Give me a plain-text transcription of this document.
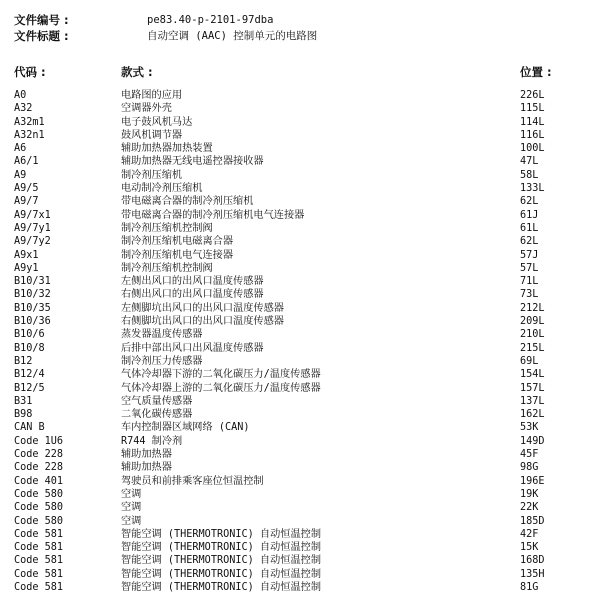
文件编号 :	pe83.40-p-2101-97dba
文件标题 :	自动空调 (AAC) 控制单元的电路图
代码 :	款式 :	位置 :
A0	电路图的应用	226L
A32	空调器外壳	115L
A32m1	电子鼓风机马达	114L
A32n1	鼓风机调节器	116L
A6	辅助加热器加热装置	100L
A6/1	辅助加热器无线电遥控器接收器	47L
A9	制冷剂压缩机	58L
A9/5	电动制冷剂压缩机	133L
A9/7	带电磁离合器的制冷剂压缩机	62L
A9/7x1	带电磁离合器的制冷剂压缩机电气连接器	61J
A9/7y1	制冷剂压缩机控制阀	61L
A9/7y2	制冷剂压缩机电磁离合器	62L
A9x1	制冷剂压缩机电气连接器	57J
A9y1	制冷剂压缩机控制阀	57L
B10/31	左侧出风口的出风口温度传感器	71L
B10/32	右侧出风口的出风口温度传感器	73L
B10/35	左侧脚坑出风口的出风口温度传感器	212L
B10/36	右侧脚坑出风口的出风口温度传感器	209L
B10/6	蒸发器温度传感器	210L
B10/8	后排中部出风口出风温度传感器	215L
B12	制冷剂压力传感器	69L
B12/4	气体冷却器下游的二氧化碳压力/温度传感器	154L
B12/5	气体冷却器上游的二氧化碳压力/温度传感器	157L
B31	空气质量传感器	137L
B98	二氧化碳传感器	162L
CAN B	车内控制器区域网络 (CAN)	53K
Code 1U6	R744 制冷剂	149D
Code 228	辅助加热器	45F
Code 228	辅助加热器	98G
Code 401	驾驶员和前排乘客座位恒温控制	196E
Code 580	空调	19K
Code 580	空调	22K
Code 580	空调	185D
Code 581	智能空调 (THERMOTRONIC) 自动恒温控制	42F
Code 581	智能空调 (THERMOTRONIC) 自动恒温控制	15K
Code 581	智能空调 (THERMOTRONIC) 自动恒温控制	168D
Code 581	智能空调 (THERMOTRONIC) 自动恒温控制	135H
Code 581	智能空调 (THERMOTRONIC) 自动恒温控制	81G
